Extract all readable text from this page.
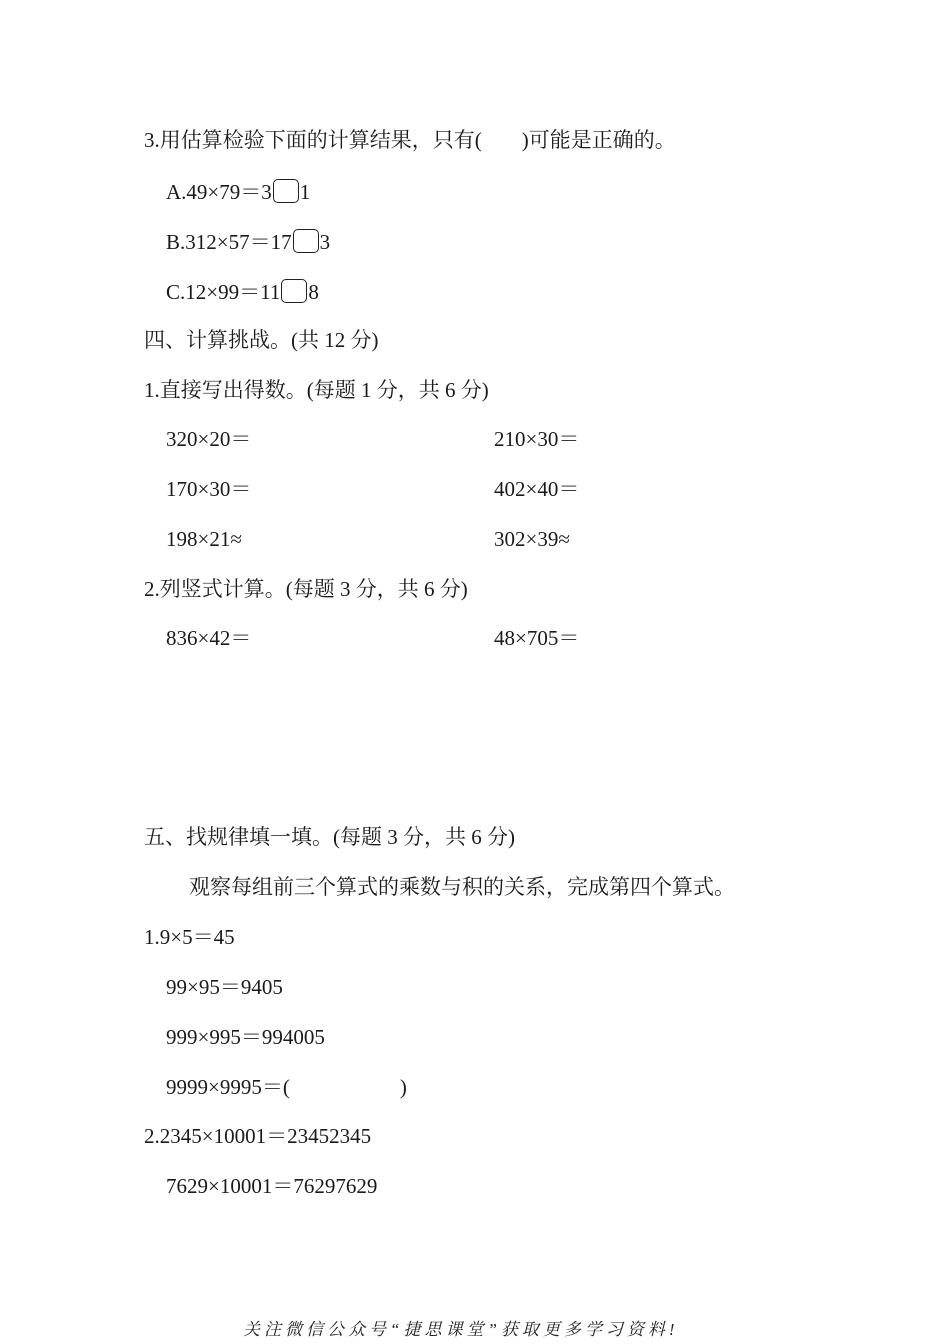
3.用估算检验下面的计算结果，只有( )可能是正确的。
A.49×79＝3 1
B.312×57＝17 3
C.12×99＝11 8
四、计算挑战。(共 12 分)
1.直接写出得数。(每题 1 分，共 6 分)
320×20＝	210×30＝
170×30＝	402×40＝
198×21≈	302×39≈
2.列竖式计算。(每题 3 分，共 6 分)
836×42＝	48×705＝
五、找规律填一填。(每题 3 分，共 6 分)
观察每组前三个算式的乘数与积的关系，完成第四个算式。
1.9×5＝45
99×95＝9405
999×995＝994005
9999×9995＝(	)
2.2345×10001＝23452345
7629×10001＝76297629
关注微信公众号“捷思课堂”获取更多学习资料!
